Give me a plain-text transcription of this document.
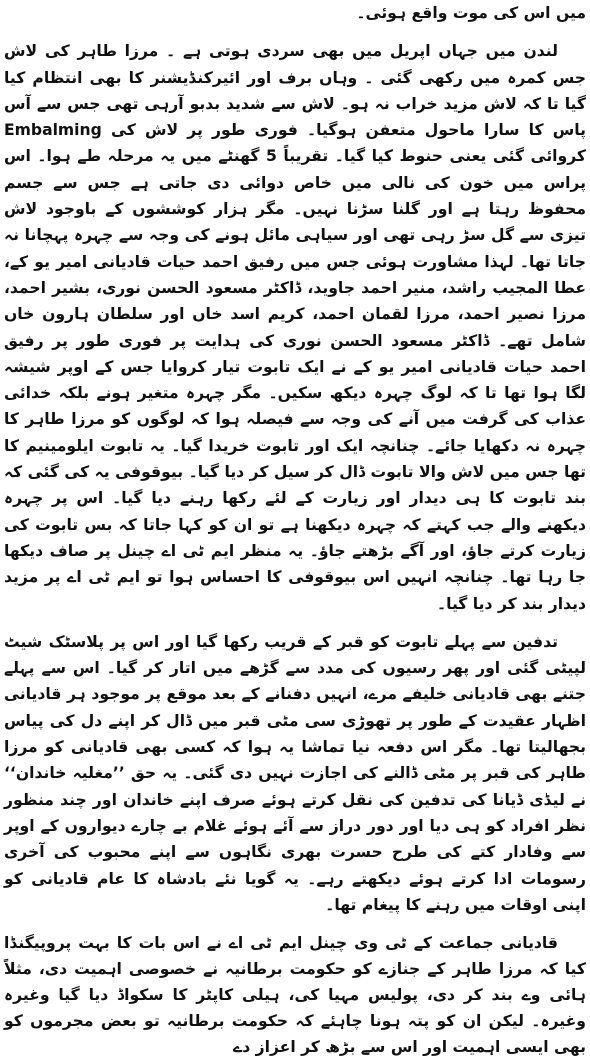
میں اس کی موت واقع ہوئی۔

لندن میں جہاں اپریل میں بھی سردی ہوتی ہے ۔ مرزا طاہر کی لاش جس کمرہ میں رکھی گئی ۔ وہاں برف اور ائیرکنڈیشنر کا بھی انتظام کیا گیا تا کہ لاش مزید خراب نہ ہو۔ لاش سے شدید بدبو آرہی تھی جس سے آس پاس کا سارا ماحول متعفن ہوگیا۔ فوری طور پر لاش کی Embalming کروائی گئی یعنی حنوط کیا گیا۔ تقریباً 5 گھنٹے میں یہ مرحلہ طے ہوا۔ اس پراس میں خون کی نالی میں خاص دوائی دی جاتی ہے جس سے جسم محفوظ رہتا ہے اور گلنا سڑنا نہیں۔ مگر ہزار کوششوں کے باوجود لاش تیزی سے گل سڑ رہی تھی اور سیاہی مائل ہونے کی وجہ سے چہرہ پہچانا نہ جاتا تھا۔ لہذا مشاورت ہوئی جس میں رفیق احمد حیات قادیانی امیر یو کے، عطا المجیب راشد، منیر احمد جاوید، ڈاکٹر مسعود الحسن نوری، بشیر احمد، مرزا نصیر احمد، مرزا لقمان احمد، کریم اسد خاں اور سلطان ہارون خاں شامل تھے۔ ڈاکٹر مسعود الحسن نوری کی ہدایت پر فوری طور پر رفیق احمد حیات قادیانی امیر یو کے نے ایک تابوت تیار کروایا جس کے اوپر شیشہ لگا ہوا تھا تا کہ لوگ چہرہ دیکھ سکیں۔ مگر چہرہ متغیر ہونے بلکہ خدائی عذاب کی گرفت میں آنے کی وجہ سے فیصلہ ہوا کہ لوگوں کو مرزا طاہر کا چہرہ نہ دکھایا جائے۔ چنانچہ ایک اور تابوت خریدا گیا۔ یہ تابوت ایلومینیم کا تھا جس میں لاش والا تابوت ڈال کر سیل کر دیا گیا۔ بیوقوفی یہ کی گئی کہ بند تابوت کا ہی دیدار اور زیارت کے لئے رکھا رہنے دیا گیا۔ اس پر چہرہ دیکھنے والے جب کہتے کہ چہرہ دیکھنا ہے تو ان کو کہا جاتا کہ بس تابوت کی زیارت کرتے جاؤ، اور آگے بڑھتے جاؤ۔ یہ منظر ایم ٹی اے چینل پر صاف دیکھا جا رہا تھا۔ چنانچہ انہیں اس بیوقوفی کا احساس ہوا تو ایم ٹی اے پر مزید دیدار بند کر دیا گیا۔

تدفین سے پہلے تابوت کو قبر کے قریب رکھا گیا اور اس پر پلاسٹک شیٹ لپیٹی گئی اور پھر رسیوں کی مدد سے گڑھے میں اتار کر گیا۔ اس سے پہلے جتنے بھی قادیانی خلیفے مرے، انہیں دفنانے کے بعد موقع پر موجود ہر قادیانی اظہار عقیدت کے طور پر تھوڑی سی مٹی قبر میں ڈال کر اپنے دل کی پیاس بجھالیتا تھا۔ مگر اس دفعہ نیا تماشا یہ ہوا کہ کسی بھی قادیانی کو مرزا طاہر کی قبر پر مٹی ڈالنے کی اجازت نہیں دی گئی۔ یہ حق ’’مغلیہ خاندان‘‘ نے لیڈی ڈیانا کی تدفین کی نقل کرتے ہوئے صرف اپنے خاندان اور چند منظور نظر افراد کو ہی دیا اور دور دراز سے آئے ہوئے غلام بے چارے دیواروں کے اوپر سے وفادار کتے کی طرح حسرت بھری نگاہوں سے اپنے محبوب کی آخری رسومات ادا کرتے ہوئے دیکھتے رہے۔ یہ گویا نئے بادشاہ کا عام قادیانی کو اپنی اوقات میں رہنے کا پیغام تھا۔

قادیانی جماعت کے ٹی وی چینل ایم ٹی اے نے اس بات کا بہت پروپیگنڈا کیا کہ مرزا طاہر کے جنازے کو حکومت برطانیہ نے خصوصی اہمیت دی، مثلاً ہائی وے بند کر دی، پولیس مہیا کی، ہیلی کاپٹر کا سکواڈ دیا گیا وغیرہ وغیرہ۔ لیکن ان کو پتہ ہونا چاہئے کہ حکومت برطانیہ تو بعض مجرموں کو بھی ایسی اہمیت اور اس سے بڑھ کر اعزاز دے
